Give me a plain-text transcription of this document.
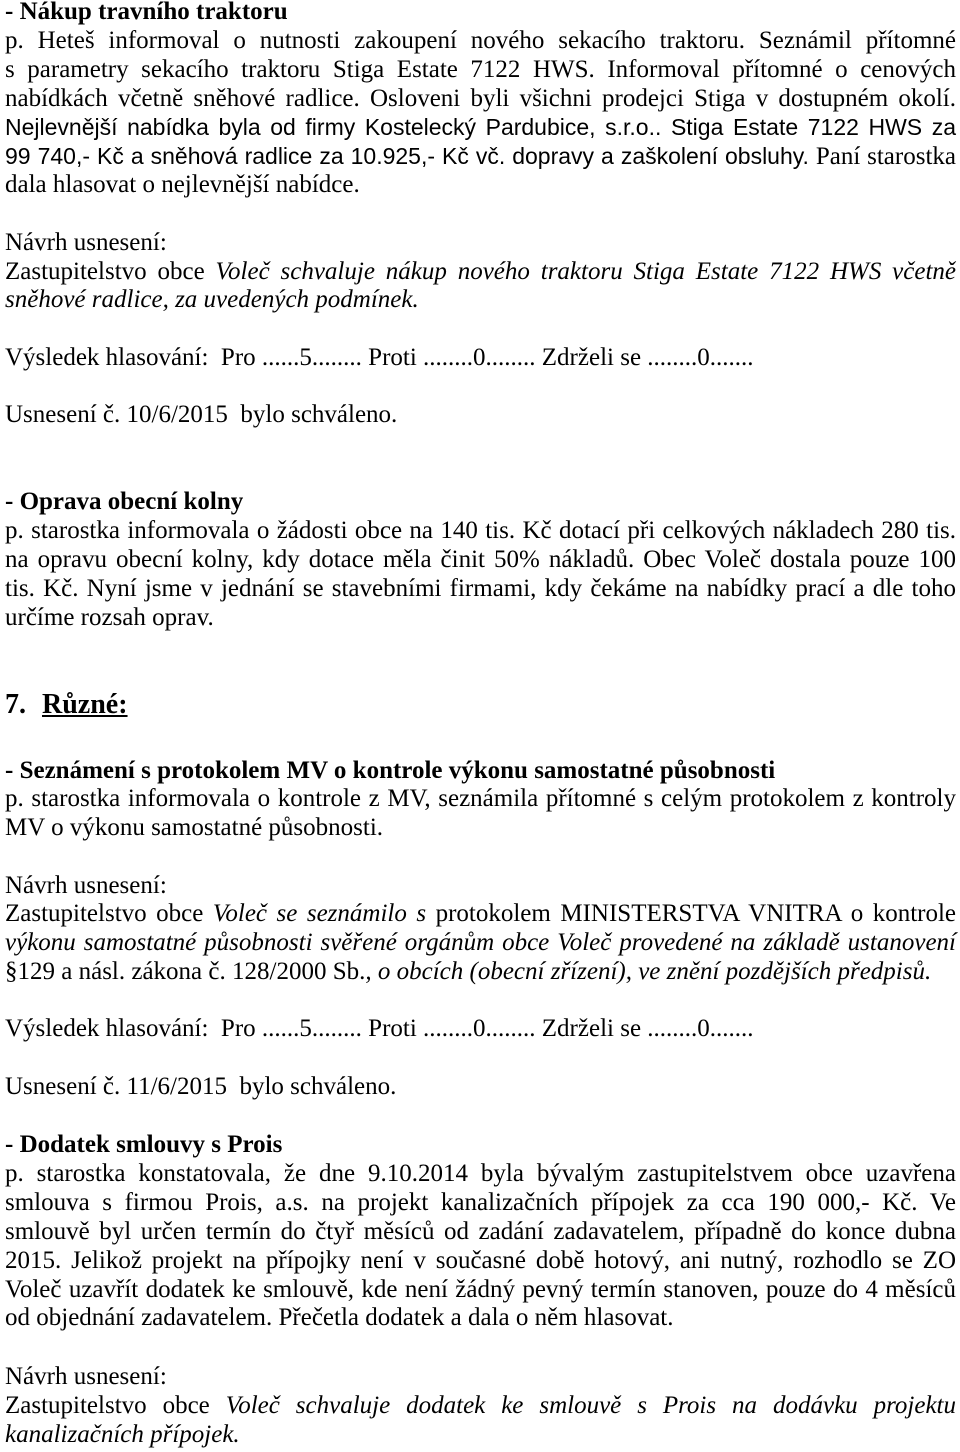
- Nákup travního traktoru
p. Heteš informoval o nutnosti zakoupení nového sekacího traktoru. Seznámil přítomné
s parametry sekacího traktoru Stiga Estate 7122 HWS. Informoval přítomné o cenových
nabídkách včetně sněhové radlice. Osloveni byli všichni prodejci Stiga v dostupném okolí.
Nejlevnější nabídka byla od firmy Kostelecký Pardubice, s.r.o.. Stiga Estate 7122 HWS za
99 740,- Kč a sněhová radlice za 10.925,- Kč vč. dopravy a zaškolení obsluhy. Paní starostka
dala hlasovat o nejlevnější nabídce.
Návrh usnesení:
Zastupitelstvo obce Voleč schvaluje nákup nového traktoru Stiga Estate 7122 HWS včetně
sněhové radlice, za uvedených podmínek.
Výsledek hlasování:  Pro ......5........ Proti ........0........ Zdrželi se ........0.......
Usnesení č. 10/6/2015  bylo schváleno.
- Oprava obecní kolny
p. starostka informovala o žádosti obce na 140 tis. Kč dotací při celkových nákladech 280 tis.
na opravu obecní kolny, kdy dotace měla činit 50% nákladů. Obec Voleč dostala pouze 100
tis. Kč. Nyní jsme v jednání se stavebními firmami, kdy čekáme na nabídky prací a dle toho
určíme rozsah oprav.
7. Různé:
- Seznámení s protokolem MV o kontrole výkonu samostatné působnosti
p. starostka informovala o kontrole z MV, seznámila přítomné s celým protokolem z kontroly
MV o výkonu samostatné působnosti.
Návrh usnesení:
Zastupitelstvo obce Voleč se seznámilo s protokolem MINISTERSTVA VNITRA o kontrole
výkonu samostatné působnosti svěřené orgánům obce Voleč provedené na základě ustanovení
§129 a násl. zákona č. 128/2000 Sb., o obcích (obecní zřízení), ve znění pozdějších předpisů.
Výsledek hlasování:  Pro ......5........ Proti ........0........ Zdrželi se ........0.......
Usnesení č. 11/6/2015  bylo schváleno.
- Dodatek smlouvy s Prois
p. starostka konstatovala, že dne 9.10.2014 byla bývalým zastupitelstvem obce uzavřena
smlouva s firmou Prois, a.s. na projekt kanalizačních přípojek za cca 190 000,- Kč. Ve
smlouvě byl určen termín do čtyř měsíců od zadání zadavatelem, případně do konce dubna
2015. Jelikož projekt na přípojky není v současné době hotový, ani nutný, rozhodlo se ZO
Voleč uzavřít dodatek ke smlouvě, kde není žádný pevný termín stanoven, pouze do 4 měsíců
od objednání zadavatelem. Přečetla dodatek a dala o něm hlasovat.
Návrh usnesení:
Zastupitelstvo obce Voleč schvaluje dodatek ke smlouvě s Prois na dodávku projektu
kanalizačních přípojek.
